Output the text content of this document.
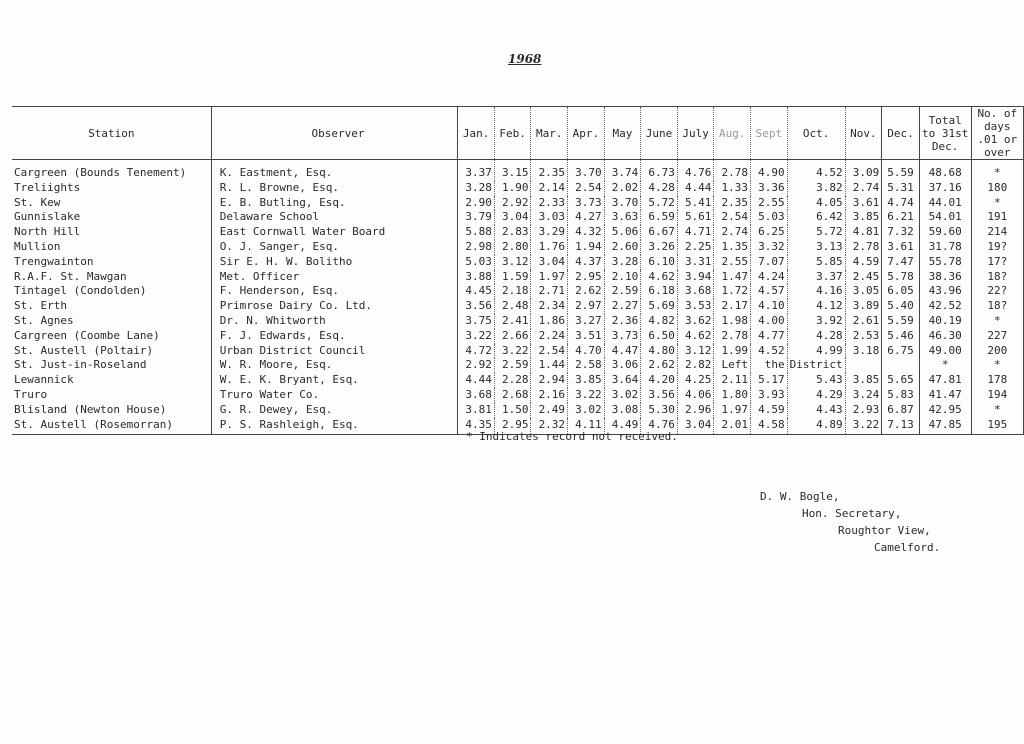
1968
Station	Observer	Jan.	Feb.	Mar.	Apr.	May	June	July	Aug.	Sept	Oct.	Nov.	Dec.	Total to 31st Dec.	No. of days .01 or over
Cargreen (Bounds Tenement)	K. Eastment, Esq.	3.37	3.15	2.35	3.70	3.74	6.73	4.76	2.78	4.90	4.52	3.09	5.59	48.68	*
Treliights	R. L. Browne, Esq.	3.28	1.90	2.14	2.54	2.02	4.28	4.44	1.33	3.36	3.82	2.74	5.31	37.16	180
St. Kew	E. B. Butling, Esq.	2.90	2.92	2.33	3.73	3.70	5.72	5.41	2.35	2.55	4.05	3.61	4.74	44.01	*
Gunnislake	Delaware School	3.79	3.04	3.03	4.27	3.63	6.59	5.61	2.54	5.03	6.42	3.85	6.21	54.01	191
North Hill	East Cornwall Water Board	5.88	2.83	3.29	4.32	5.06	6.67	4.71	2.74	6.25	5.72	4.81	7.32	59.60	214
Mullion	O. J. Sanger, Esq.	2.98	2.80	1.76	1.94	2.60	3.26	2.25	1.35	3.32	3.13	2.78	3.61	31.78	19?
Trengwainton	Sir E. H. W. Bolitho	5.03	3.12	3.04	4.37	3.28	6.10	3.31	2.55	7.07	5.85	4.59	7.47	55.78	17?
R.A.F. St. Mawgan	Met. Officer	3.88	1.59	1.97	2.95	2.10	4.62	3.94	1.47	4.24	3.37	2.45	5.78	38.36	18?
Tintagel (Condolden)	F. Henderson, Esq.	4.45	2.18	2.71	2.62	2.59	6.18	3.68	1.72	4.57	4.16	3.05	6.05	43.96	22?
St. Erth	Primrose Dairy Co. Ltd.	3.56	2.48	2.34	2.97	2.27	5.69	3.53	2.17	4.10	4.12	3.89	5.40	42.52	18?
St. Agnes	Dr. N. Whitworth	3.75	2.41	1.86	3.27	2.36	4.82	3.62	1.98	4.00	3.92	2.61	5.59	40.19	*
Cargreen (Coombe Lane)	F. J. Edwards, Esq.	3.22	2.66	2.24	3.51	3.73	6.50	4.62	2.78	4.77	4.28	2.53	5.46	46.30	227
St. Austell (Poltair)	Urban District Council	4.72	3.22	2.54	4.70	4.47	4.80	3.12	1.99	4.52	4.99	3.18	6.75	49.00	200
St. Just-in-Roseland	W. R. Moore, Esq.	2.92	2.59	1.44	2.58	3.06	2.62	2.82	Left	the	District			*	*
Lewannick	W. E. K. Bryant, Esq.	4.44	2.28	2.94	3.85	3.64	4.20	4.25	2.11	5.17	5.43	3.85	5.65	47.81	178
Truro	Truro Water Co.	3.68	2.68	2.16	3.22	3.02	3.56	4.06	1.80	3.93	4.29	3.24	5.83	41.47	194
Blisland (Newton House)	G. R. Dewey, Esq.	3.81	1.50	2.49	3.02	3.08	5.30	2.96	1.97	4.59	4.43	2.93	6.87	42.95	*
St. Austell (Rosemorran)	P. S. Rashleigh, Esq.	4.35	2.95	2.32	4.11	4.49	4.76	3.04	2.01	4.58	4.89	3.22	7.13	47.85	195
* Indicates record not received.
D. W. Bogle,
Hon. Secretary,
Roughtor View,
Camelford.
